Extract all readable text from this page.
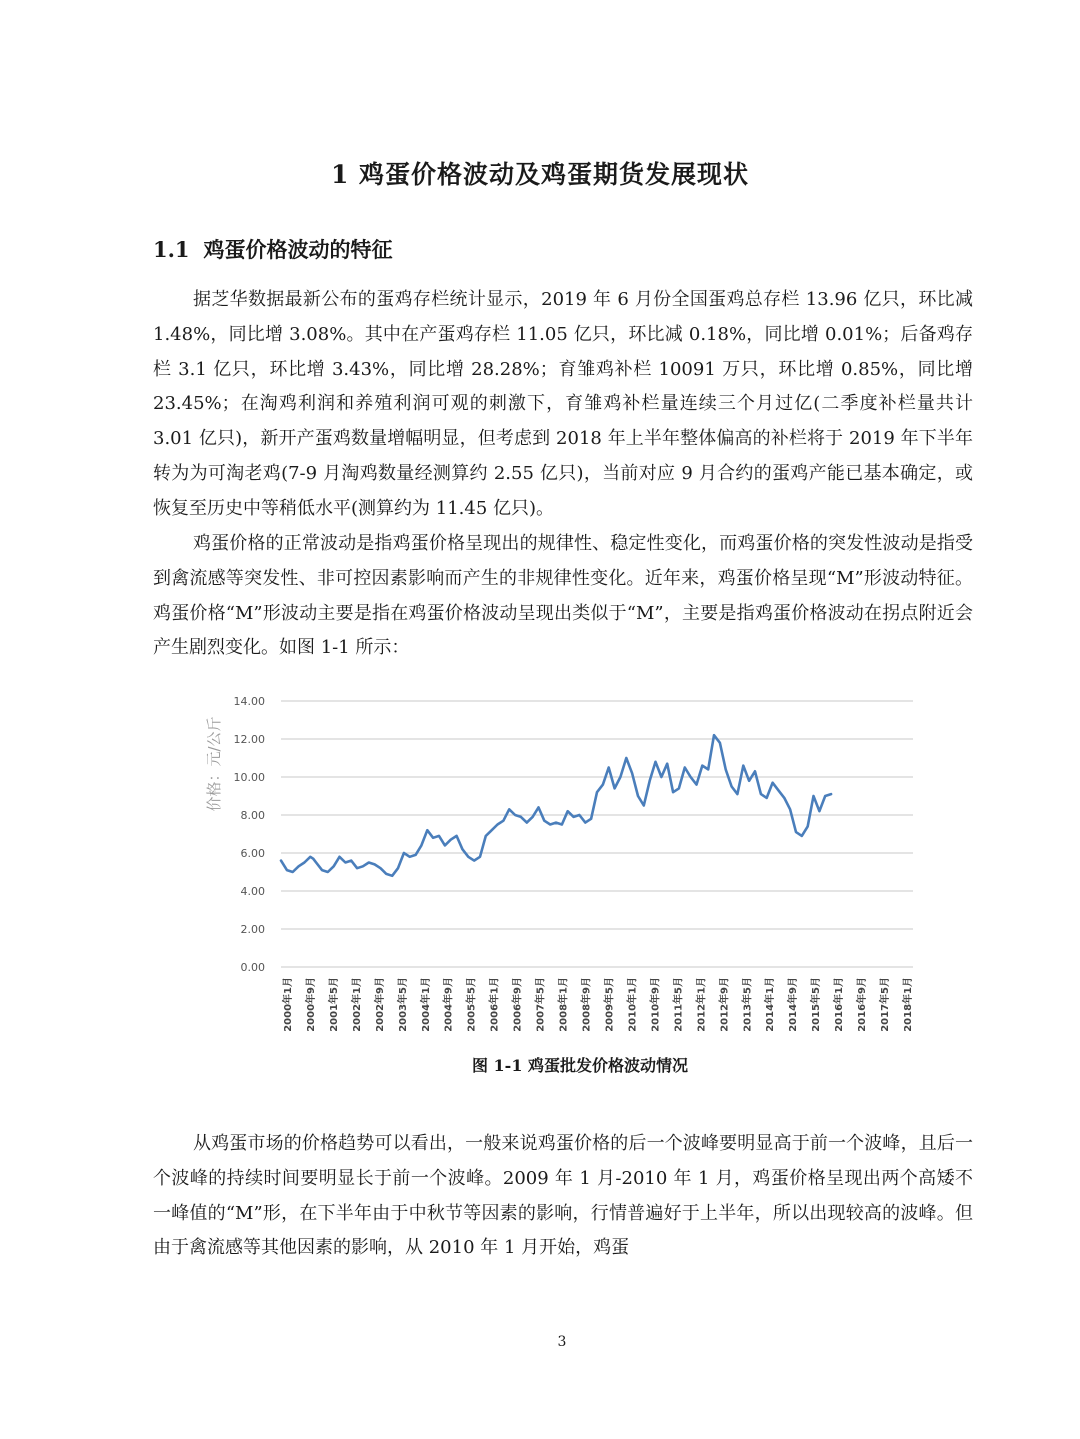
1 鸡蛋价格波动及鸡蛋期货发展现状
1.1 鸡蛋价格波动的特征

据芝华数据最新公布的蛋鸡存栏统计显示，2019 年 6 月份全国蛋鸡总存栏 13.96 亿只，环比减 1.48%，同比增 3.08%。其中在产蛋鸡存栏 11.05 亿只，环比减 0.18%，同比增 0.01%；后备鸡存栏 3.1 亿只，环比增 3.43%，同比增 28.28%；育雏鸡补栏 10091 万只，环比增 0.85%，同比增 23.45%；在淘鸡利润和养殖利润可观的刺激下，育雏鸡补栏量连续三个月过亿(二季度补栏量共计 3.01 亿只)，新开产蛋鸡数量增幅明显，但考虑到 2018 年上半年整体偏高的补栏将于 2019 年下半年转为为可淘老鸡(7-9 月淘鸡数量经测算约 2.55 亿只)，当前对应 9 月合约的蛋鸡产能已基本确定，或恢复至历史中等稍低水平(测算约为 11.45 亿只)。

鸡蛋价格的正常波动是指鸡蛋价格呈现出的规律性、稳定性变化，而鸡蛋价格的突发性波动是指受到禽流感等突发性、非可控因素影响而产生的非规律性变化。近年来，鸡蛋价格呈现“M”形波动特征。鸡蛋价格“M”形波动主要是指在鸡蛋价格波动呈现出类似于“M”，主要是指鸡蛋价格波动在拐点附近会产生剧烈变化。如图 1-1 所示：

0.00
2.00
4.00
6.00
8.00
10.00
12.00
14.00
价格：元/公斤
2000年1月 2000年9月 2001年5月 2002年1月 2002年9月 2003年5月 2004年1月 2004年9月 2005年5月 2006年1月 2006年9月 2007年5月 2008年1月 2008年9月 2009年5月 2010年1月 2010年9月 2011年5月 2012年1月 2012年9月 2013年5月 2014年1月 2014年9月 2015年5月 2016年1月 2016年9月 2017年5月 2018年1月

图 1-1 鸡蛋批发价格波动情况

从鸡蛋市场的价格趋势可以看出，一般来说鸡蛋价格的后一个波峰要明显高于前一个波峰，且后一个波峰的持续时间要明显长于前一个波峰。2009 年 1 月-2010 年 1 月，鸡蛋价格呈现出两个高矮不一峰值的“M”形，在下半年由于中秋节等因素的影响，行情普遍好于上半年，所以出现较高的波峰。但由于禽流感等其他因素的影响，从 2010 年 1 月开始，鸡蛋

3
